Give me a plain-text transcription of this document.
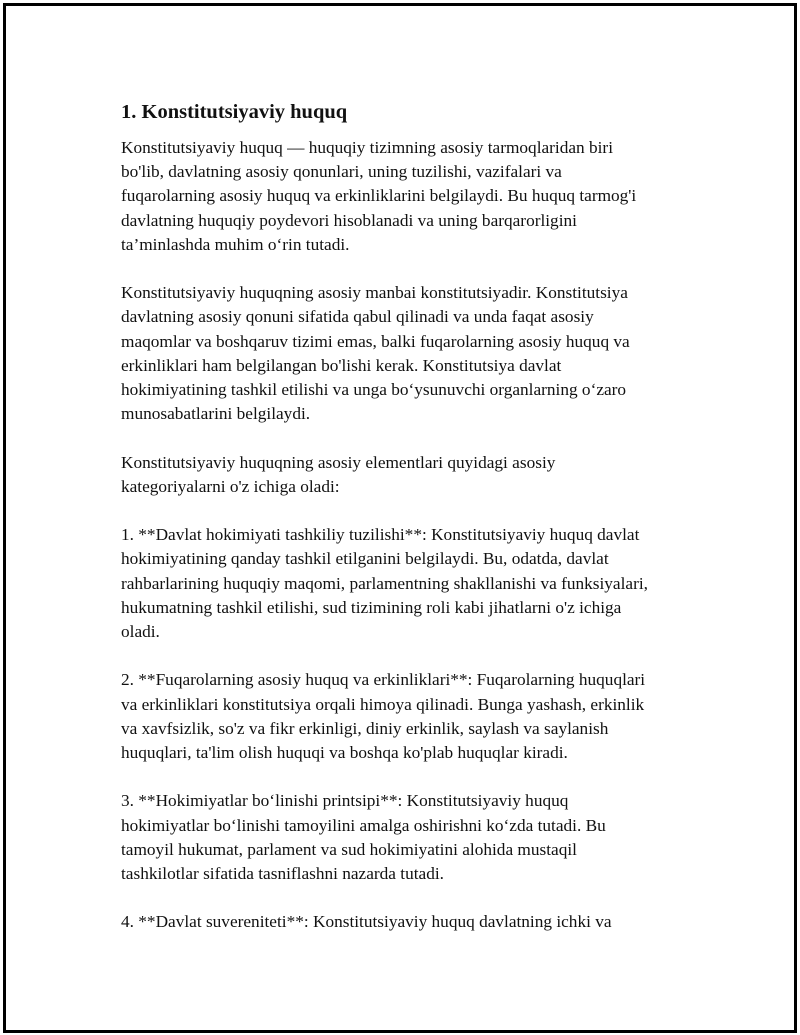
1. Konstitutsiyaviy huquq

Konstitutsiyaviy huquq — huquqiy tizimning asosiy tarmoqlaridan biri
bo'lib, davlatning asosiy qonunlari, uning tuzilishi, vazifalari va
fuqarolarning asosiy huquq va erkinliklarini belgilaydi. Bu huquq tarmog'i
davlatning huquqiy poydevori hisoblanadi va uning barqarorligini
ta’minlashda muhim o‘rin tutadi.

Konstitutsiyaviy huquqning asosiy manbai konstitutsiyadir. Konstitutsiya
davlatning asosiy qonuni sifatida qabul qilinadi va unda faqat asosiy
maqomlar va boshqaruv tizimi emas, balki fuqarolarning asosiy huquq va
erkinliklari ham belgilangan bo'lishi kerak. Konstitutsiya davlat
hokimiyatining tashkil etilishi va unga bo‘ysunuvchi organlarning o‘zaro
munosabatlarini belgilaydi.

Konstitutsiyaviy huquqning asosiy elementlari quyidagi asosiy
kategoriyalarni o'z ichiga oladi:

1. **Davlat hokimiyati tashkiliy tuzilishi**: Konstitutsiyaviy huquq davlat
hokimiyatining qanday tashkil etilganini belgilaydi. Bu, odatda, davlat
rahbarlarining huquqiy maqomi, parlamentning shakllanishi va funksiyalari,
hukumatning tashkil etilishi, sud tizimining roli kabi jihatlarni o'z ichiga
oladi.

2. **Fuqarolarning asosiy huquq va erkinliklari**: Fuqarolarning huquqlari
va erkinliklari konstitutsiya orqali himoya qilinadi. Bunga yashash, erkinlik
va xavfsizlik, so'z va fikr erkinligi, diniy erkinlik, saylash va saylanish
huquqlari, ta'lim olish huquqi va boshqa ko'plab huquqlar kiradi.

3. **Hokimiyatlar bo‘linishi printsipi**: Konstitutsiyaviy huquq
hokimiyatlar bo‘linishi tamoyilini amalga oshirishni ko‘zda tutadi. Bu
tamoyil hukumat, parlament va sud hokimiyatini alohida mustaqil
tashkilotlar sifatida tasniflashni nazarda tutadi.

4. **Davlat suvereniteti**: Konstitutsiyaviy huquq davlatning ichki va
